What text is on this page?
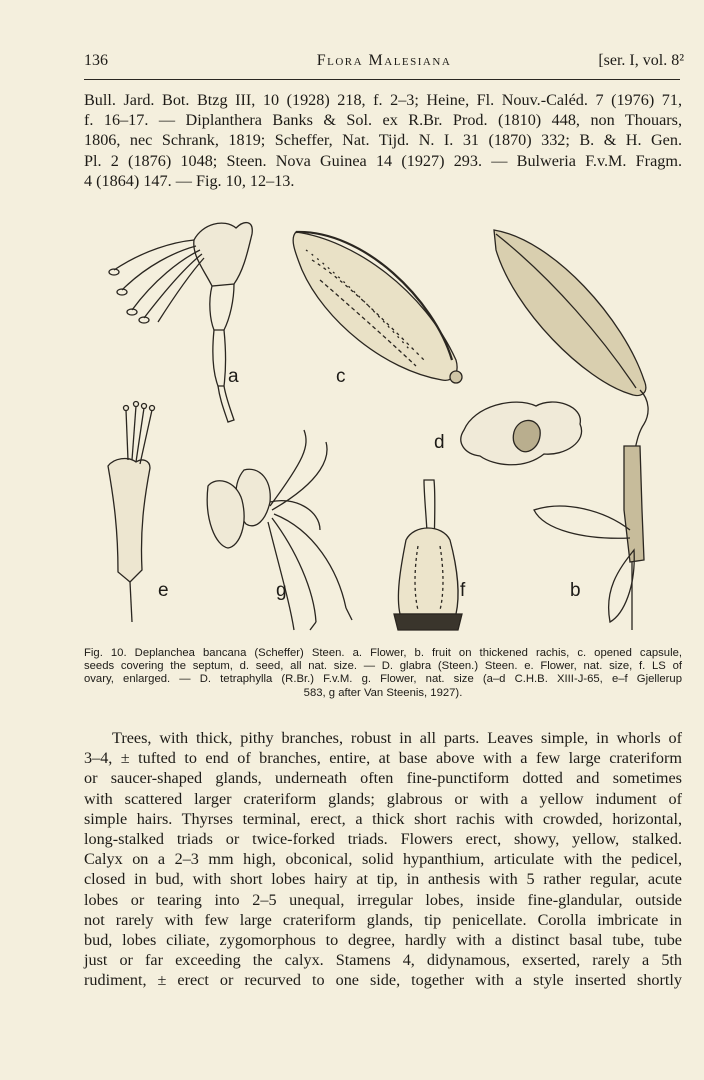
136	Flora Malesiana	[ser. I, vol. 8²
Bull. Jard. Bot. Btzg III, 10 (1928) 218, f. 2–3; Heine, Fl. Nouv.-Caléd. 7 (1976) 71,
f. 16–17. — Diplanthera Banks & Sol. ex R.Br. Prod. (1810) 448, non Thouars,
1806, nec Schrank, 1819; Scheffer, Nat. Tijd. N. I. 31 (1870) 332; B. & H. Gen.
Pl. 2 (1876) 1048; Steen. Nova Guinea 14 (1927) 293. — Bulweria F.v.M. Fragm.
4 (1864) 147. — Fig. 10, 12–13.
a	c
d
b
e	g	f
Fig. 10. Deplanchea bancana (Scheffer) Steen. a. Flower, b. fruit on thickened rachis, c. opened capsule,
seeds covering the septum, d. seed, all nat. size. — D. glabra (Steen.) Steen. e. Flower, nat. size, f. LS of
ovary, enlarged. — D. tetraphylla (R.Br.) F.v.M. g. Flower, nat. size (a–d C.H.B. XIII-J-65, e–f Gjellerup
583, g after Van Steenis, 1927).
Trees, with thick, pithy branches, robust in all parts. Leaves simple, in whorls of
3–4, ± tufted to end of branches, entire, at base above with a few large crateriform
or saucer-shaped glands, underneath often fine-punctiform dotted and sometimes
with scattered larger crateriform glands; glabrous or with a yellow indument of
simple hairs. Thyrses terminal, erect, a thick short rachis with crowded, horizontal,
long-stalked triads or twice-forked triads. Flowers erect, showy, yellow, stalked.
Calyx on a 2–3 mm high, obconical, solid hypanthium, articulate with the pedicel,
closed in bud, with short lobes hairy at tip, in anthesis with 5 rather regular, acute
lobes or tearing into 2–5 unequal, irregular lobes, inside fine-glandular, outside
not rarely with few large crateriform glands, tip penicellate. Corolla imbricate in
bud, lobes ciliate, zygomorphous to degree, hardly with a distinct basal tube, tube
just or far exceeding the calyx. Stamens 4, didynamous, exserted, rarely a 5th
rudiment, ± erect or recurved to one side, together with a style inserted shortly
